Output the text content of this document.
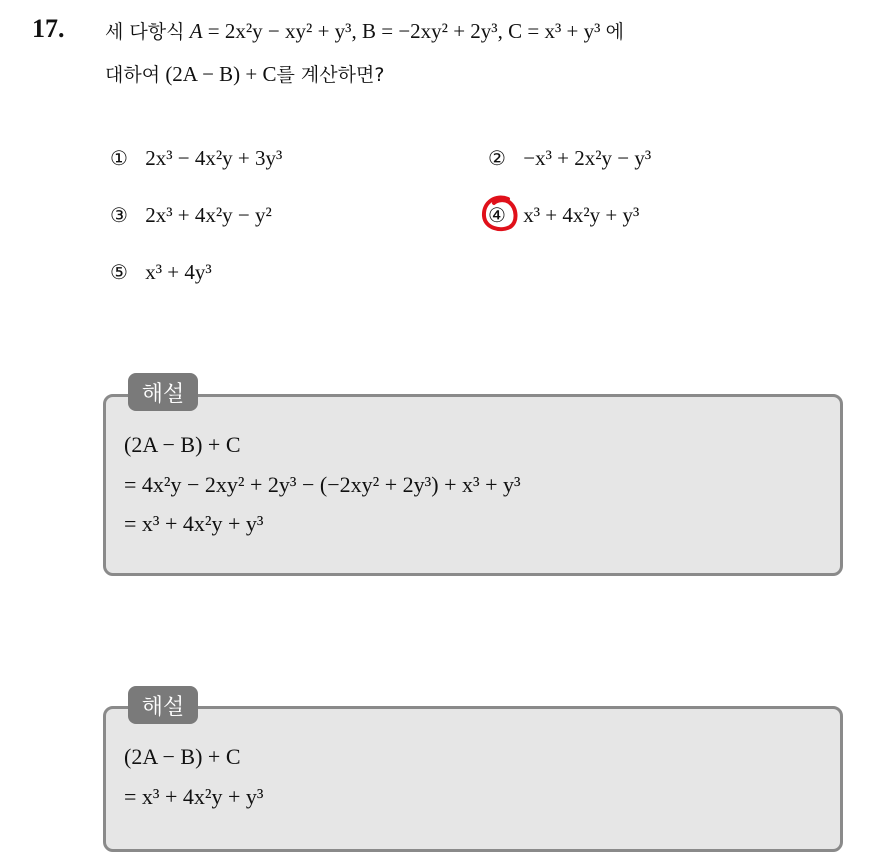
17. 세 다항식 A = 2x²y − xy² + y³, B = −2xy² + 2y³, C = x³ + y³ 에
대하여 (2A − B) + C를 계산하면?
① 2x³ − 4x²y + 3y³	② −x³ + 2x²y − y³
③ 2x³ + 4x²y − y²	④ x³ + 4x²y + y³
⑤ x³ + 4y³
해설
(2A − B) + C
= 4x²y − 2xy² + 2y³ − (−2xy² + 2y³) + x³ + y³
= x³ + 4x²y + y³
해설
(2A − B) + C
= x³ + 4x²y + y³
